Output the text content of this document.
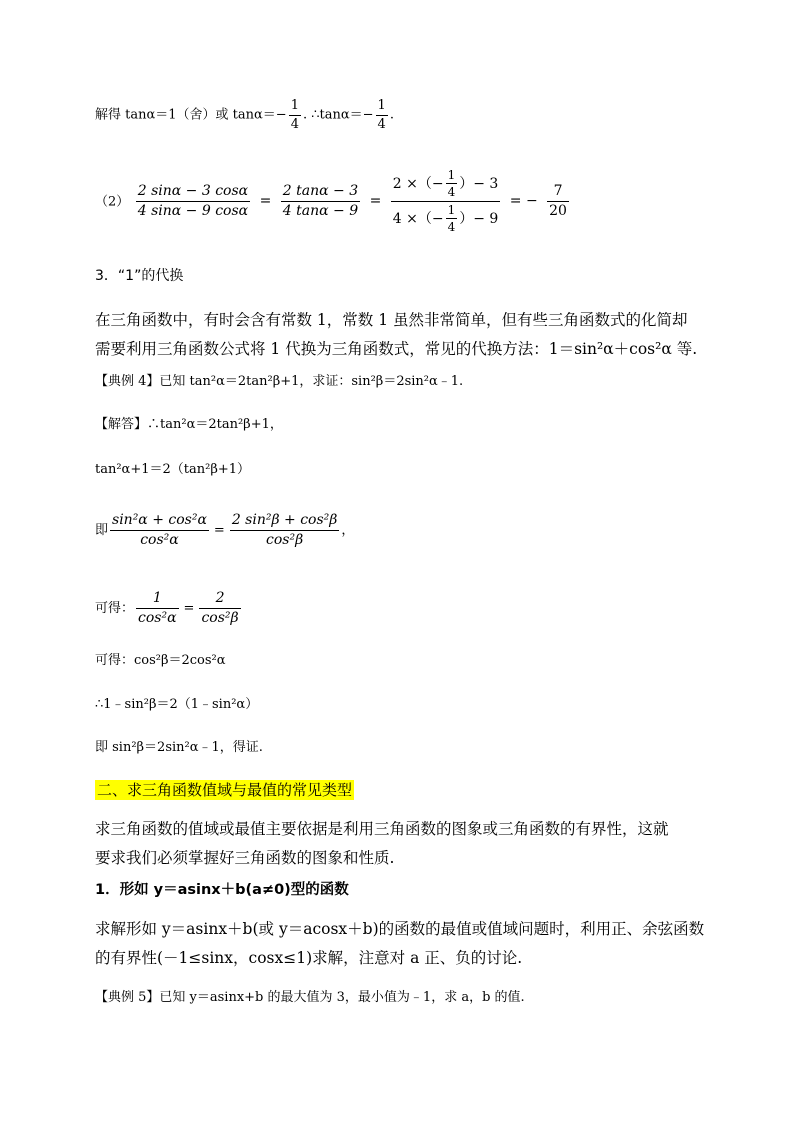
解得 tanα＝1（舍）或 $\tan\alpha=- \frac{1}{4}$ . ∴tanα＝− $\frac{1}{4}$ .
$(2) \frac{2 \sin\alpha - 3 \cos\alpha}{4 \sin\alpha - 9 \cos\alpha} = \frac{2 \tan\alpha - 3}{4 \tan\alpha - 9} = \frac{2 \times(- \frac{1}{4} )- 3}{4 \times(- \frac{1}{4} )- 9}$ = − $\frac{7}{20}$
3．“1”的代换
在三角函数中，有时会含有常数 1，常数 1 虽然非常简单，但有些三角函数式的化简却
需要利用三角函数公式将 1 代换为三角函数式，常见的代换方法：1＝sin²α＋cos²α 等.
【典例 4】已知 tan²α＝2tan²β+1，求证：sin²β＝2sin²α﹣1.
【解答】∴tan²α＝2tan²β+1，
tan²α+1＝2（tan²β+1）
即 $\frac{\text{sin²α + cos²α}}{\text{cos²α}} = \frac{\text{2 sin²β + cos²β}}{\text{cos²β}}$ ，
可得： $\frac{1}{\text{cos²α}} = \frac{2}{\text{cos²β}}$
可得：cos²β＝2cos²α
∴1﹣sin²β＝2（1﹣sin²α）
即 sin²β＝2sin²α﹣1，得证.
二、求三角函数值域与最值的常见类型
求三角函数的值域或最值主要依据是利用三角函数的图象或三角函数的有界性，这就
要求我们必须掌握好三角函数的图象和性质.
1．形如 y＝asinx＋b(a≠0)型的函数
求解形如 y＝asinx＋b(或 y＝acosx＋b)的函数的最值或值域问题时，利用正、余弦函数
的有界性(－1≤sinx，cosx≤1)求解，注意对 a 正、负的讨论.
【典例 5】已知 y＝asinx+b 的最大值为 3，最小值为﹣1，求 a，b 的值.
